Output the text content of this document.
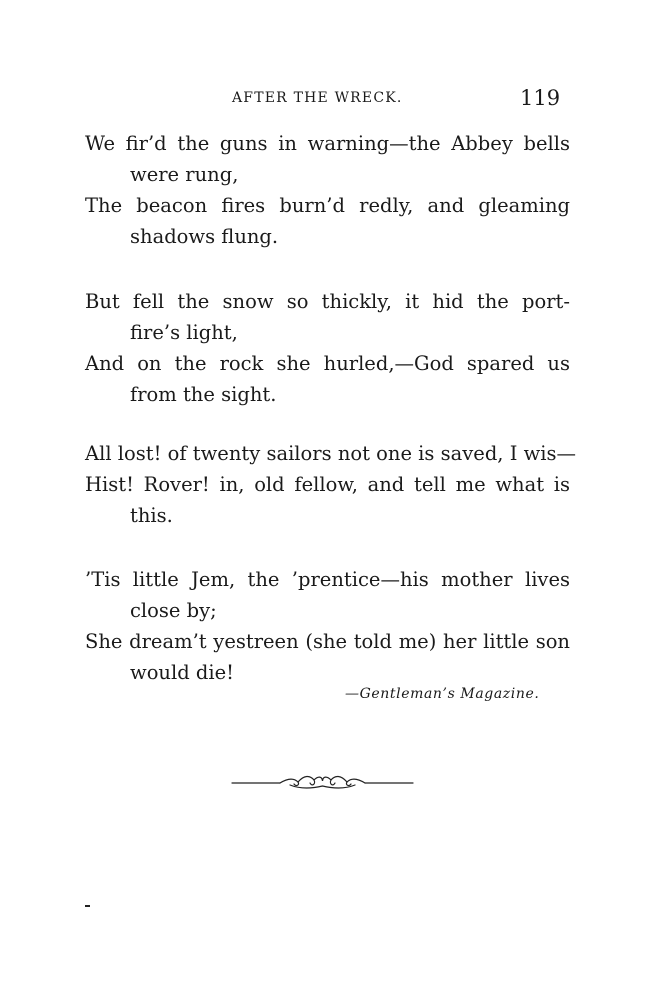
AFTER THE WRECK.	119
We fir’d the guns in warning—the Abbey bells
were rung,
The beacon fires burn’d redly, and gleaming
shadows flung.
But fell the snow so thickly, it hid the port-
fire’s light,
And on the rock she hurled,—God spared us
from the sight.
All lost! of twenty sailors not one is saved, I wis—
Hist! Rover! in, old fellow, and tell me what is
this.
’Tis little Jem, the ’prentice—his mother lives
close by;
She dream’t yestreen (she told me) her little son
would die!
—Gentleman’s Magazine.
